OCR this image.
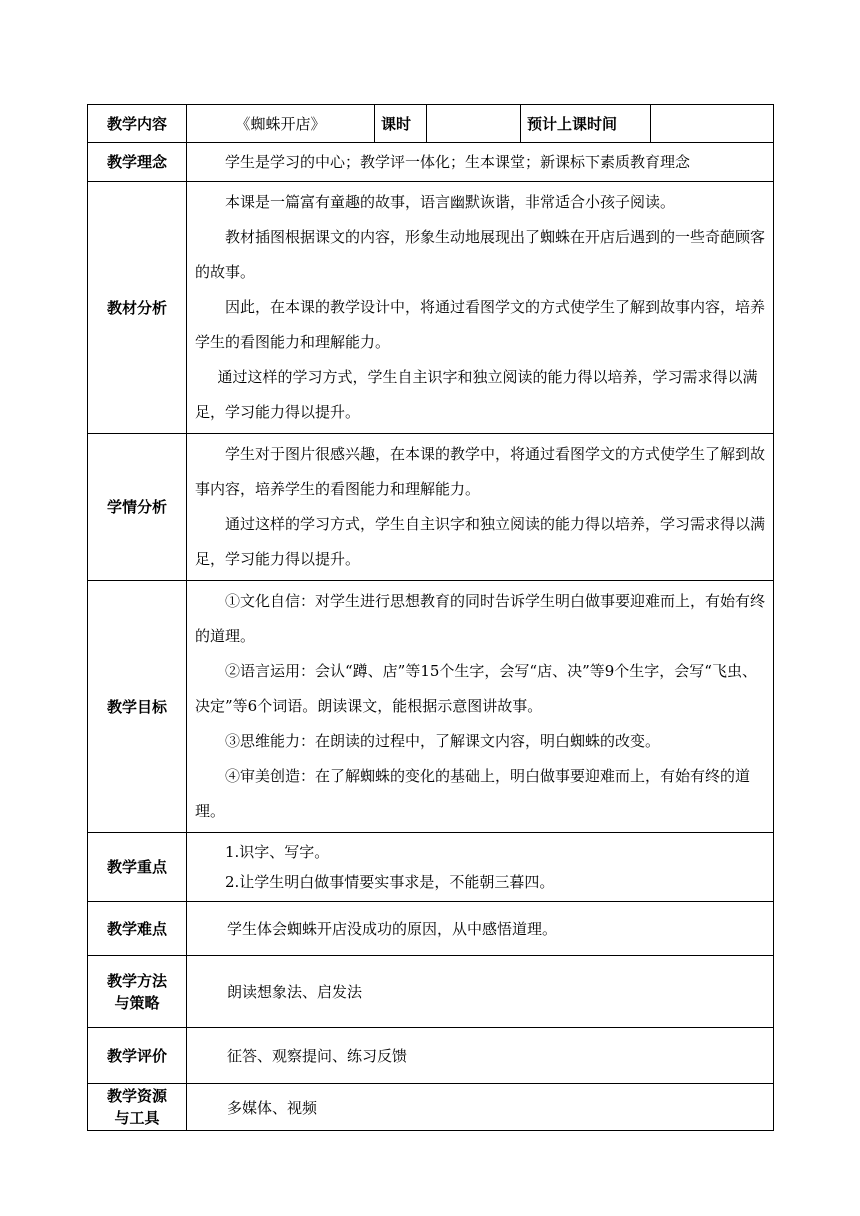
教学内容	《蜘蛛开店》	课时		预计上课时间	
教学理念	学生是学习的中心；教学评一体化；生本课堂；新课标下素质教育理念				

教材分析	本课是一篇富有童趣的故事，语言幽默诙谐，非常适合小孩子阅读。

教材插图根据课文的内容，形象生动地展现出了蜘蛛在开店后遇到的一些奇葩顾客的故事。

因此，在本课的教学设计中，将通过看图学文的方式使学生了解到故事内容，培养学生的看图能力和理解能力。

通过这样的学习方式，学生自主识字和独立阅读的能力得以培养，学习需求得以满足，学习能力得以提升。				

学情分析	学生对于图片很感兴趣，在本课的教学中，将通过看图学文的方式使学生了解到故事内容，培养学生的看图能力和理解能力。

通过这样的学习方式，学生自主识字和独立阅读的能力得以培养，学习需求得以满足，学习能力得以提升。				

教学目标	①文化自信：对学生进行思想教育的同时告诉学生明白做事要迎难而上，有始有终的道理。

②语言运用：会认“蹲、店”等15个生字，会写“店、决”等9个生字，会写“飞虫、决定”等6个词语。朗读课文，能根据示意图讲故事。

③思维能力：在朗读的过程中，了解课文内容，明白蜘蛛的改变。

④审美创造：在了解蜘蛛的变化的基础上，明白做事要迎难而上，有始有终的道理。				

教学重点	1.识字、写字。

2.让学生明白做事情要实事求是，不能朝三暮四。				

教学难点	学生体会蜘蛛开店没成功的原因，从中感悟道理。				

教学方法
与策略	朗读想象法、启发法				
教学评价	征答、观察提问、练习反馈				

教学资源
与工具	多媒体、视频				
